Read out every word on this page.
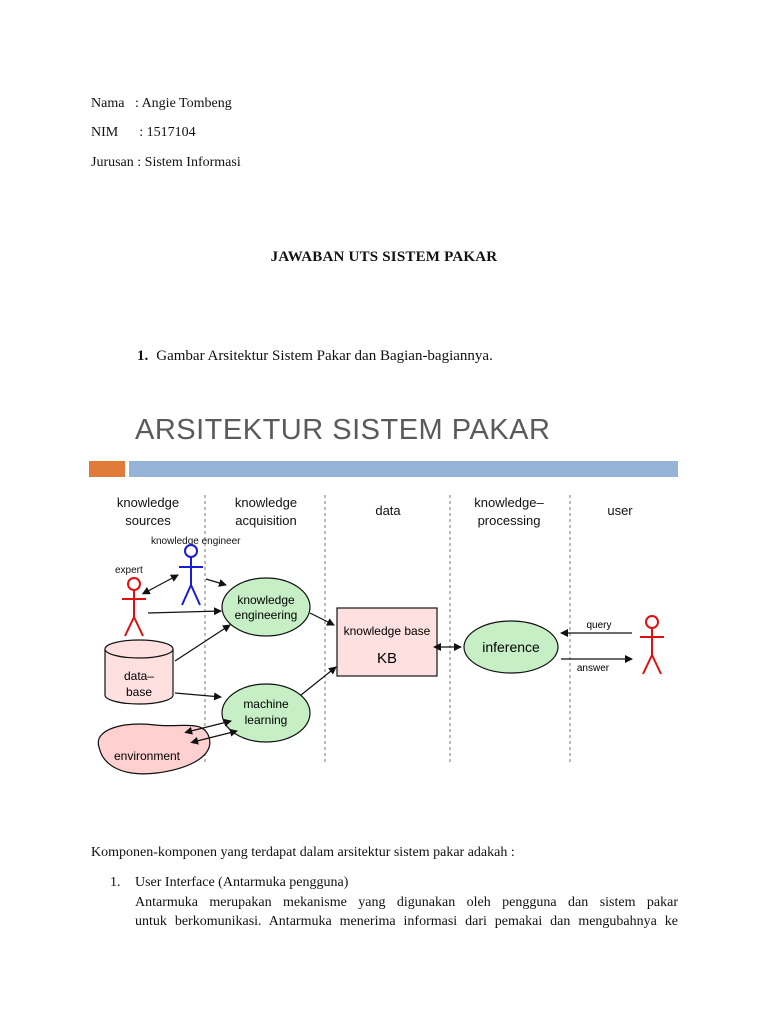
Nama   : Angie Tombeng
NIM      : 1517104
Jurusan : Sistem Informasi
JAWABAN UTS SISTEM PAKAR
1. Gambar Arsitektur Sistem Pakar dan Bagian-bagiannya.
ARSITEKTUR SISTEM PAKAR
knowledge
sources
knowledge
acquisition
data
knowledge–
processing
user
knowledge engineer
expert
data–
base
environment
knowledge
engineering
machine
learning
knowledge base
KB
inference
query
answer
Komponen-komponen yang terdapat dalam arsitektur sistem pakar adakah :
1. User Interface (Antarmuka pengguna)
Antarmuka merupakan mekanisme yang digunakan oleh pengguna dan sistem pakar
untuk berkomunikasi. Antarmuka menerima informasi dari pemakai dan mengubahnya ke
